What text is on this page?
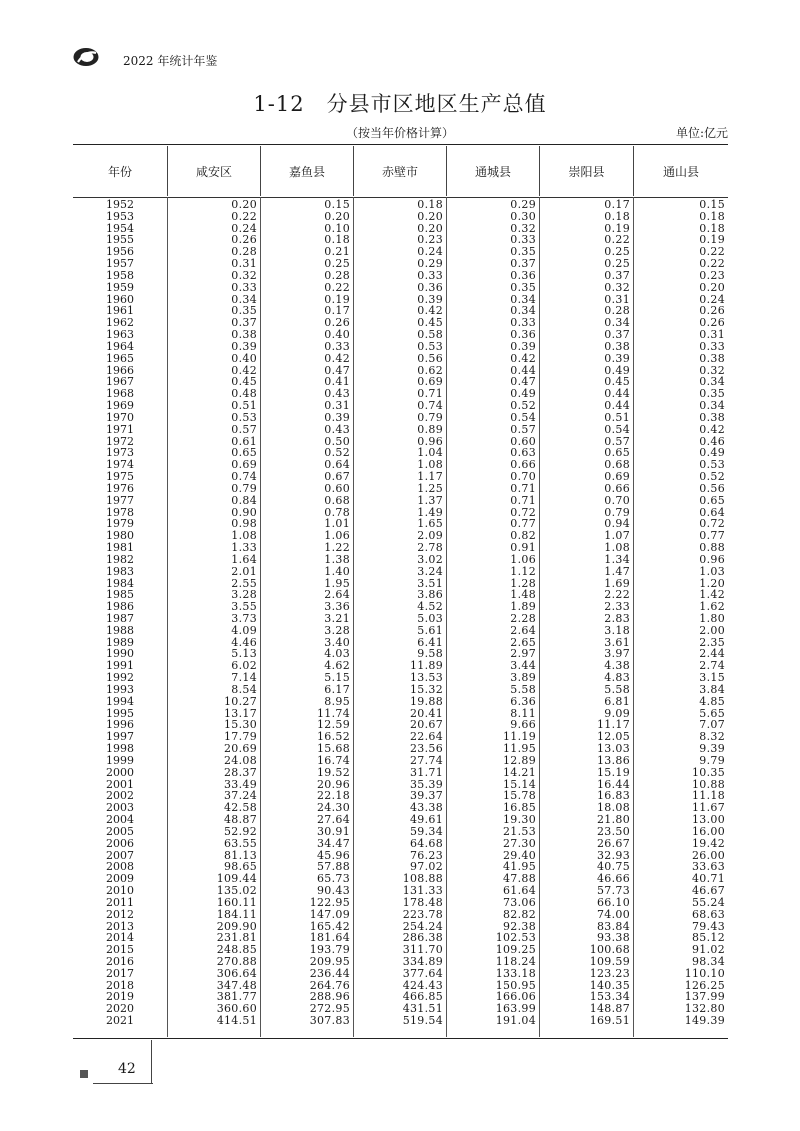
2022 年统计年鉴
1-12 分县市区地区生产总值
（按当年价格计算）	单位:亿元
年份	咸安区	嘉鱼县	赤壁市	通城县	崇阳县	通山县
1952	0.20	0.15	0.18	0.29	0.17	0.15
1953	0.22	0.20	0.20	0.30	0.18	0.18
1954	0.24	0.10	0.20	0.32	0.19	0.18
1955	0.26	0.18	0.23	0.33	0.22	0.19
1956	0.28	0.21	0.24	0.35	0.25	0.22
1957	0.31	0.25	0.29	0.37	0.25	0.22
1958	0.32	0.28	0.33	0.36	0.37	0.23
1959	0.33	0.22	0.36	0.35	0.32	0.20
1960	0.34	0.19	0.39	0.34	0.31	0.24
1961	0.35	0.17	0.42	0.34	0.28	0.26
1962	0.37	0.26	0.45	0.33	0.34	0.26
1963	0.38	0.40	0.58	0.36	0.37	0.31
1964	0.39	0.33	0.53	0.39	0.38	0.33
1965	0.40	0.42	0.56	0.42	0.39	0.38
1966	0.42	0.47	0.62	0.44	0.49	0.32
1967	0.45	0.41	0.69	0.47	0.45	0.34
1968	0.48	0.43	0.71	0.49	0.44	0.35
1969	0.51	0.31	0.74	0.52	0.44	0.34
1970	0.53	0.39	0.79	0.54	0.51	0.38
1971	0.57	0.43	0.89	0.57	0.54	0.42
1972	0.61	0.50	0.96	0.60	0.57	0.46
1973	0.65	0.52	1.04	0.63	0.65	0.49
1974	0.69	0.64	1.08	0.66	0.68	0.53
1975	0.74	0.67	1.17	0.70	0.69	0.52
1976	0.79	0.60	1.25	0.71	0.66	0.56
1977	0.84	0.68	1.37	0.71	0.70	0.65
1978	0.90	0.78	1.49	0.72	0.79	0.64
1979	0.98	1.01	1.65	0.77	0.94	0.72
1980	1.08	1.06	2.09	0.82	1.07	0.77
1981	1.33	1.22	2.78	0.91	1.08	0.88
1982	1.64	1.38	3.02	1.06	1.34	0.96
1983	2.01	1.40	3.24	1.12	1.47	1.03
1984	2.55	1.95	3.51	1.28	1.69	1.20
1985	3.28	2.64	3.86	1.48	2.22	1.42
1986	3.55	3.36	4.52	1.89	2.33	1.62
1987	3.73	3.21	5.03	2.28	2.83	1.80
1988	4.09	3.28	5.61	2.64	3.18	2.00
1989	4.46	3.40	6.41	2.65	3.61	2.35
1990	5.13	4.03	9.58	2.97	3.97	2.44
1991	6.02	4.62	11.89	3.44	4.38	2.74
1992	7.14	5.15	13.53	3.89	4.83	3.15
1993	8.54	6.17	15.32	5.58	5.58	3.84
1994	10.27	8.95	19.88	6.36	6.81	4.85
1995	13.17	11.74	20.41	8.11	9.09	5.65
1996	15.30	12.59	20.67	9.66	11.17	7.07
1997	17.79	16.52	22.64	11.19	12.05	8.32
1998	20.69	15.68	23.56	11.95	13.03	9.39
1999	24.08	16.74	27.74	12.89	13.86	9.79
2000	28.37	19.52	31.71	14.21	15.19	10.35
2001	33.49	20.96	35.39	15.14	16.44	10.88
2002	37.24	22.18	39.37	15.78	16.83	11.18
2003	42.58	24.30	43.38	16.85	18.08	11.67
2004	48.87	27.64	49.61	19.30	21.80	13.00
2005	52.92	30.91	59.34	21.53	23.50	16.00
2006	63.55	34.47	64.68	27.30	26.67	19.42
2007	81.13	45.96	76.23	29.40	32.93	26.00
2008	98.65	57.88	97.02	41.95	40.75	33.63
2009	109.44	65.73	108.88	47.88	46.66	40.71
2010	135.02	90.43	131.33	61.64	57.73	46.67
2011	160.11	122.95	178.48	73.06	66.10	55.24
2012	184.11	147.09	223.78	82.82	74.00	68.63
2013	209.90	165.42	254.24	92.38	83.84	79.43
2014	231.81	181.64	286.38	102.53	93.38	85.12
2015	248.85	193.79	311.70	109.25	100.68	91.02
2016	270.88	209.95	334.89	118.24	109.59	98.34
2017	306.64	236.44	377.64	133.18	123.23	110.10
2018	347.48	264.76	424.43	150.95	140.35	126.25
2019	381.77	288.96	466.85	166.06	153.34	137.99
2020	360.60	272.95	431.51	163.99	148.87	132.80
2021	414.51	307.83	519.54	191.04	169.51	149.39
42
